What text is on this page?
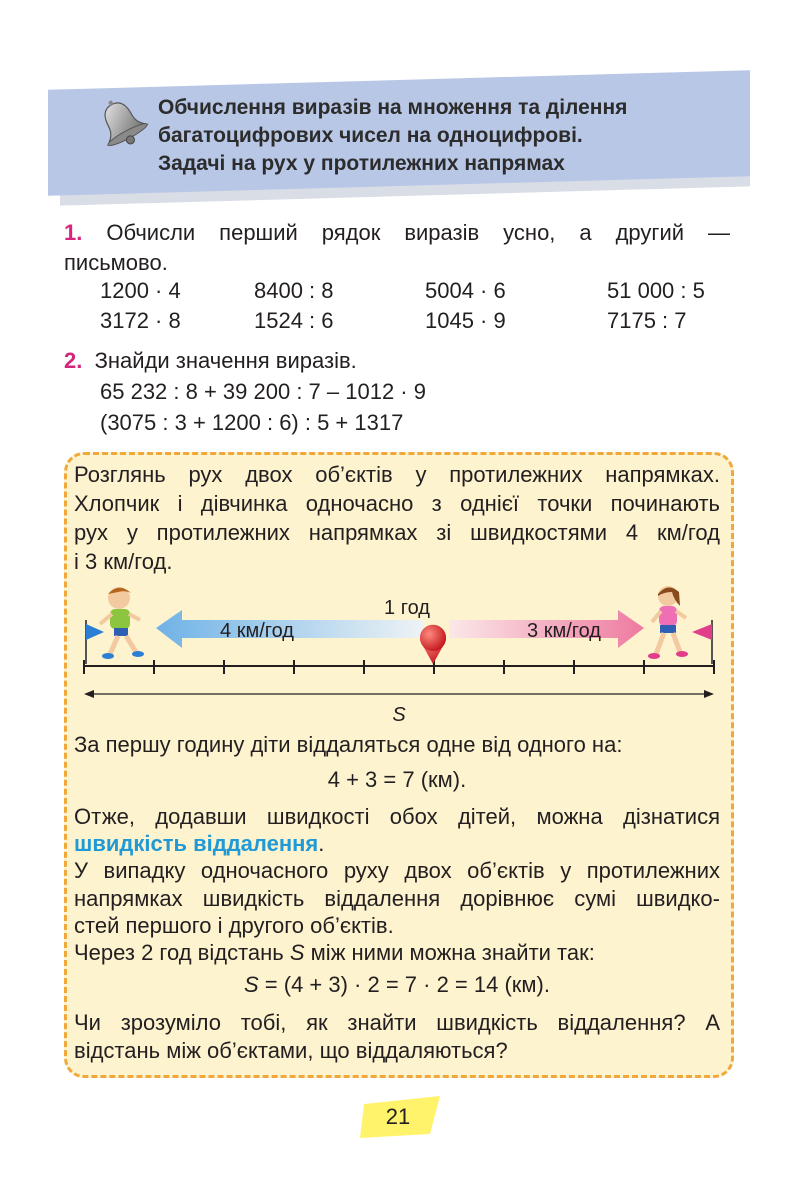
Обчислення виразів на множення та ділення
багатоцифрових чисел на одноцифрові.
Задачі на рух у протилежних напрямах
1. Обчисли перший рядок виразів усно, а другий —
письмово.
1200 · 4	8400 : 8	5004 · 6	51 000 : 5
3172 · 8	1524 : 6	1045 · 9	7175 : 7
2. Знайди значення виразів.
65 232 : 8 + 39 200 : 7 – 1012 · 9
(3075 : 3 + 1200 : 6) : 5 + 1317
Розглянь рух двох об’єктів у протилежних напрямках.
Хлопчик і дівчинка одночасно з однієї точки починають
рух у протилежних напрямках зі швидкостями 4 км/год
і 3 км/год.
1 год
4 км/год	3 км/год
S
За першу годину діти віддаляться одне від одного на:
4 + 3 = 7 (км).
Отже, додавши швидкості обох дітей, можна дізнатися
швидкість віддалення.
У випадку одночасного руху двох об’єктів у протилежних
напрямках швидкість віддалення дорівнює сумі швидко-
стей першого і другого об’єктів.
Через 2 год відстань S між ними можна знайти так:
S = (4 + 3) · 2 = 7 · 2 = 14 (км).
Чи зрозуміло тобі, як знайти швидкість віддалення? А
відстань між об’єктами, що віддаляються?
21
